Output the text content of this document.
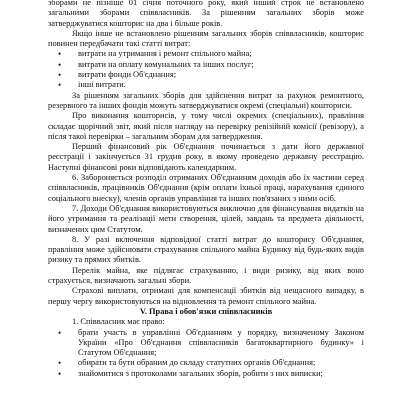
зборами не пізніше 01 січня поточного року, який інший строк не встановлено загальними зборами співвласників. За рішенням загальних зборів може затверджуватися кошторис на два і більше років.

Якщо інше не встановлено рішенням загальних зборів співвласників, кошторис повинен передбачати такі статті витрат:

• витрати на утримання і ремонт спільного майна;
• витрати на оплату комунальних та інших послуг;
• витрати фонди Об'єднання;
• інші витрати.

За рішенням загальних зборів для здійснення витрат за рахунок ремонтного, резервного та інших фондів можуть затверджуватися окремі (спеціальні) кошториси.

Про виконання кошторисів, у тому числі окремих (спеціальних), правління складає щорічний звіт, який після нагляду на перевірку ревізійній комісії (ревізору), а після такої перевірки – загальним зборам для затвердження.

Перший фінансовий рік Об'єднання починається з дати його державної реєстрації і закінчується 31 грудня року, в якому проведено державну реєстрацію. Наступні фінансові роки відповідають календарним.

6. Забороняється розподіл отриманих Об'єднанням доходів або їх частини серед співвласників, працівників Об'єднання (крім оплати їхньої праці, нарахування єдиного соціального внеску), членів органів управління та інших пов'язаних з ними осіб.

7. Доходи Об'єднання використовуються виключно для фінансування видатків на його утримання та реалізації мети створення, цілей, завдань та предмета діяльності, визначених цим Статутом.

8. У разі включення відповідної статті витрат до кошторису Об'єднання, правління може здійснювати страхування спільного майна Будинку від будь-яких видів ризику та прямих збитків.

Перелік майна, яке підлягає страхуванню, і види ризику, від яких воно страхується, визначають загальні збори.

Страхові виплати, отримані для компенсації збитків від нещасного випадку, в першу чергу використовуються на відновлення та ремонт спільного майна.

V. Права і обов'язки співвласників

1. Співвласник має право:

• брати участь в управлінні Об'єднанням у порядку, визначеному Законом України «Про Об'єднання співвласників багатоквартирного будинку» і Статутом Об'єднання;
• обирати та бути обраним до складу статутних органів Об'єднання;
• знайомитися з протоколами загальних зборів, робити з них виписки;
